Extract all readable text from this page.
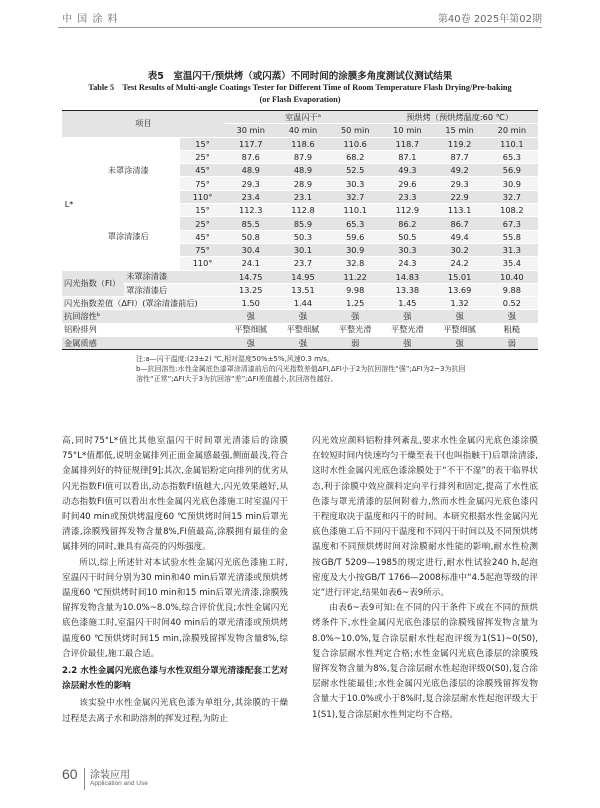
中 国 涂 料	第40卷 2025年第02期
表5　室温闪干/预烘烤（或闪蒸）不同时间的涂膜多角度测试仪测试结果
Table 5　Test Results of Multi-angle Coatings Tester for Different Time of Room Temperature Flash Drying/Pre-baking
(or Flash Evaporation)
项目				室温闪干ᵃ			预烘烤（预烘烤温度:60 ℃）		
				30 min	40 min	50 min	10 min	15 min	20 min
L*	未罩涂清漆		15°	117.7	118.6	110.6	118.7	119.2	110.1
			25°	87.6	87.9	68.2	87.1	87.7	65.3
			45°	48.9	48.9	52.5	49.3	49.2	56.9
			75°	29.3	28.9	30.3	29.6	29.3	30.9
			110°	23.4	23.1	32.7	23.3	22.9	32.7
	罩涂清漆后		15°	112.3	112.8	110.1	112.9	113.1	108.2
			25°	85.5	85.9	65.3	86.2	86.7	67.3
			45°	50.8	50.3	59.6	50.5	49.4	55.8
			75°	30.4	30.1	30.9	30.3	30.2	31.3
			110°	24.1	23.7	32.8	24.3	24.2	35.4
闪光指数（FI）		未罩涂清漆		14.75	14.95	11.22	14.83	15.01	10.40
		罩涂清漆后		13.25	13.51	9.98	13.38	13.69	9.88
闪光指数差值（ΔFI）(罩涂清漆前后)				1.50	1.44	1.25	1.45	1.32	0.52
抗回溶性ᵇ				强	强	强	强	强	强
铝粉排列				平整细腻	平整细腻	平整光滑	平整光滑	平整细腻	粗糙
金属质感				强	强	弱	强	强	弱
注:a—闪干温度:(23±2) ℃,相对湿度50%±5%,风速0.3 m/s。
b—抗回溶性:水性金属底色漆罩涂清漆前后的闪光指数差值ΔFI,ΔFI小于2为抗回溶性“强”;ΔFI为2~3为抗回
溶性“正常”;ΔFI大于3为抗回溶“差”;ΔFI差值越小,抗回溶性越好。

高,同时75°L*值比其他室温闪干时间罩光清漆后的涂膜75°L*值都低,说明金属排列正面金属感最强,侧面最浅,符合金属排列好的特征规律[9];其次,金属铝粉定向排列的优劣从闪光指数FI值可以看出,动态指数FI值越大,闪光效果越好,从动态指数FI值可以看出水性金属闪光底色漆施工时室温闪干时间40 min或预烘烤温度60 ℃预烘烤时间15 min后罩光清漆,涂膜残留挥发物含量8%,FI值最高,涂膜拥有最佳的金属排列的同时,兼具有高亮的闪烁强度。

所以,综上所述针对本试验水性金属闪光底色漆施工时,室温闪干时间分别为30 min和40 min后罩光清漆或预烘烤温度60 ℃预烘烤时间10 min和15 min后罩光清漆,涂膜残留挥发物含量为10.0%~8.0%,综合评价优良;水性金属闪光底色漆施工时,室温闪干时间40 min后的罩光清漆或预烘烤温度60 ℃预烘烤时间15 min,涂膜残留挥发物含量8%,综合评价最佳,施工最合适。

2.2 水性金属闪光底色漆与水性双组分罩光清漆配套工艺对涂层耐水性的影响

该实验中水性金属闪光底色漆为单组分,其涂膜的干燥过程是去离子水和助溶剂的挥发过程,为防止

闪光效应颜料铝粉排列紊乱,要求水性金属闪光底色漆涂膜在较短时间内快速均匀干燥至表干(也叫指触干)后罩涂清漆,这时水性金属闪光底色漆涂膜处于“不干不湿”的表干临界状态,利于涂膜中效应颜料定向平行排列和固定,提高了水性底色漆与罩光清漆的层间附着力,然而水性金属闪光底色漆闪干程度取决于温度和闪干的时间。本研究根据水性金属闪光底色漆施工后不同闪干温度和不同闪干时间以及不同预烘烤温度和不同预烘烤时间对涂膜耐水性能的影响,耐水性检测按GB/T 5209—1985的规定进行,耐水性试验240 h,起泡密度及大小按GB/T 1766—2008标准中“4.5起泡等级的评定”进行评定,结果如表6~表9所示。

由表6~表9可知:在不同的闪干条件下或在不同的预烘烤条件下,水性金属闪光底色漆层的涂膜残留挥发物含量为8.0%~10.0%,复合涂层耐水性起泡评级为1(S1)~0(S0),复合涂层耐水性判定合格;水性金属闪光底色漆层的涂膜残留挥发物含量为8%,复合涂层耐水性起泡评级0(S0),复合涂层耐水性能最佳;水性金属闪光底色漆层的涂膜残留挥发物含量大于10.0%或小于8%时,复合涂层耐水性起泡评级大于1(S1),复合涂层耐水性判定均不合格。

60 涂装应用
Application and Use
